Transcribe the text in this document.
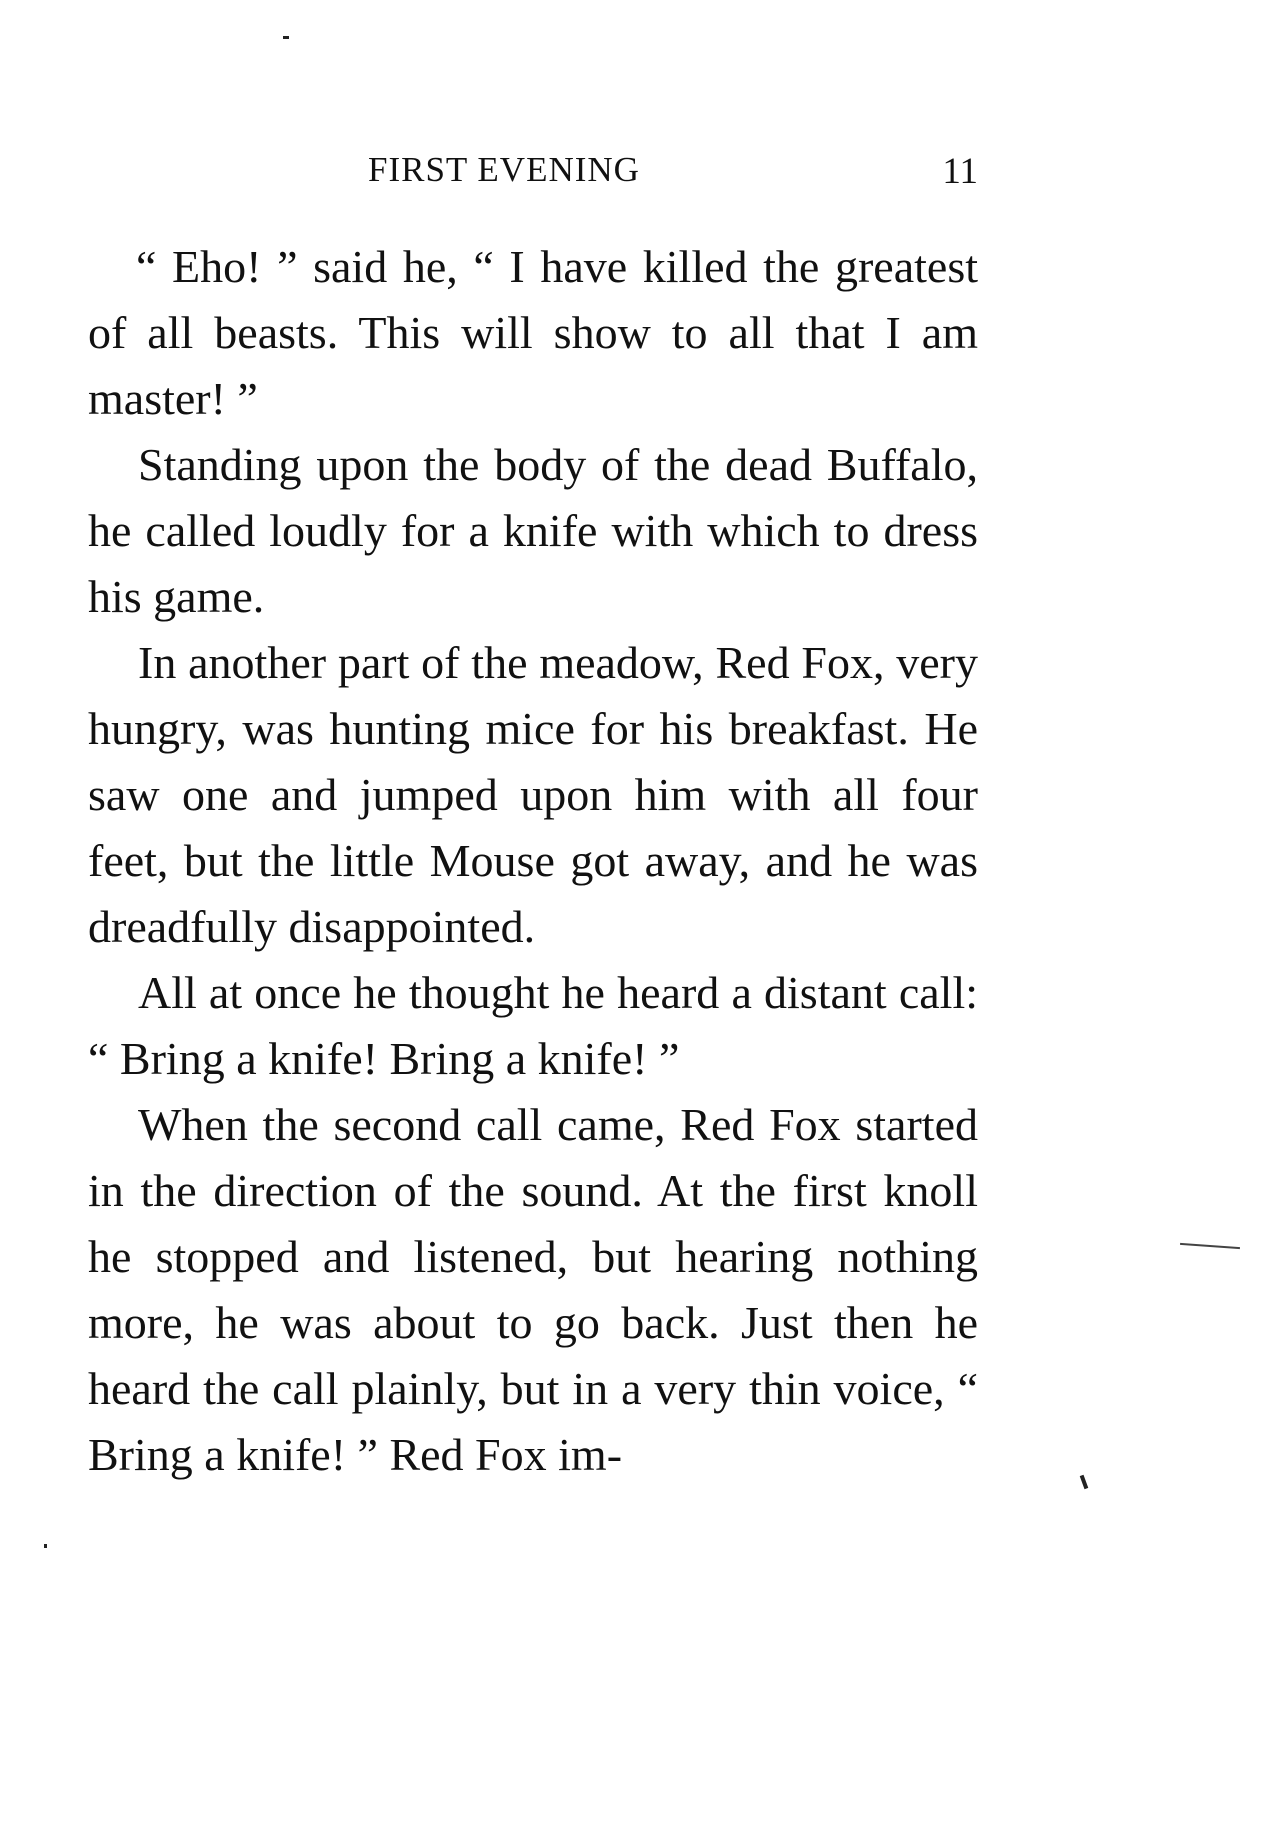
FIRST EVENING	11

“ Eho! ” said he, “ I have killed the greatest of all beasts. This will show to all that I am master! ”

Standing upon the body of the dead Buffalo, he called loudly for a knife with which to dress his game.

In another part of the meadow, Red Fox, very hungry, was hunting mice for his breakfast. He saw one and jumped upon him with all four feet, but the little Mouse got away, and he was dreadfully disappointed.

All at once he thought he heard a distant call: “ Bring a knife! Bring a knife! ”

When the second call came, Red Fox started in the direction of the sound. At the first knoll he stopped and listened, but hearing nothing more, he was about to go back. Just then he heard the call plainly, but in a very thin voice, “ Bring a knife! ” Red Fox im-
